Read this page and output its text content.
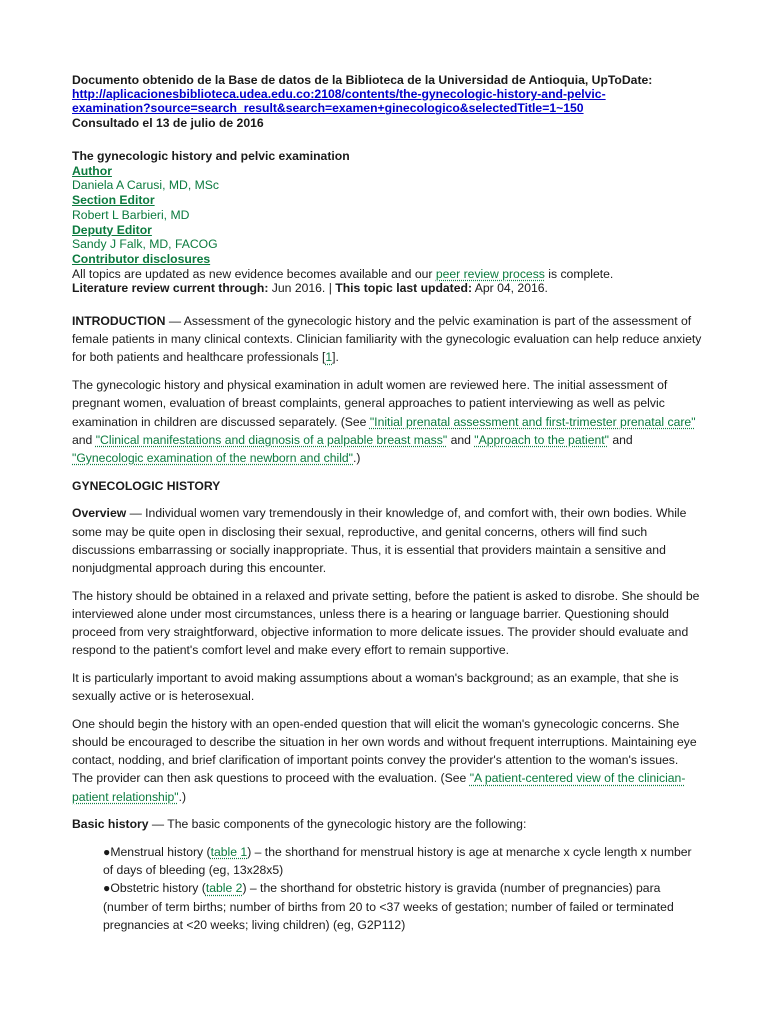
Documento obtenido de la Base de datos de la Biblioteca de la Universidad de Antioquia, UpToDate:
http://aplicacionesbiblioteca.udea.edu.co:2108/contents/the-gynecologic-history-and-pelvic-
examination?source=search_result&search=examen+ginecologico&selectedTitle=1~150
Consultado el 13 de julio de 2016
The gynecologic history and pelvic examination
Author
Daniela A Carusi, MD, MSc
Section Editor
Robert L Barbieri, MD
Deputy Editor
Sandy J Falk, MD, FACOG
Contributor disclosures
All topics are updated as new evidence becomes available and our peer review process is complete.
Literature review current through: Jun 2016. | This topic last updated: Apr 04, 2016.

INTRODUCTION — Assessment of the gynecologic history and the pelvic examination is part of the assessment of female patients in many clinical contexts. Clinician familiarity with the gynecologic evaluation can help reduce anxiety for both patients and healthcare professionals [1].

The gynecologic history and physical examination in adult women are reviewed here. The initial assessment of pregnant women, evaluation of breast complaints, general approaches to patient interviewing as well as pelvic examination in children are discussed separately. (See "Initial prenatal assessment and first-trimester prenatal care" and "Clinical manifestations and diagnosis of a palpable breast mass" and "Approach to the patient" and "Gynecologic examination of the newborn and child".)

GYNECOLOGIC HISTORY

Overview — Individual women vary tremendously in their knowledge of, and comfort with, their own bodies. While some may be quite open in disclosing their sexual, reproductive, and genital concerns, others will find such discussions embarrassing or socially inappropriate. Thus, it is essential that providers maintain a sensitive and nonjudgmental approach during this encounter.

The history should be obtained in a relaxed and private setting, before the patient is asked to disrobe. She should be interviewed alone under most circumstances, unless there is a hearing or language barrier. Questioning should proceed from very straightforward, objective information to more delicate issues. The provider should evaluate and respond to the patient's comfort level and make every effort to remain supportive.

It is particularly important to avoid making assumptions about a woman's background; as an example, that she is sexually active or is heterosexual.

One should begin the history with an open-ended question that will elicit the woman's gynecologic concerns. She should be encouraged to describe the situation in her own words and without frequent interruptions. Maintaining eye contact, nodding, and brief clarification of important points convey the provider's attention to the woman's issues. The provider can then ask questions to proceed with the evaluation. (See "A patient-centered view of the clinician-patient relationship".)

Basic history — The basic components of the gynecologic history are the following:

●Menstrual history (table 1) – the shorthand for menstrual history is age at menarche x cycle length x number of days of bleeding (eg, 13x28x5)

●Obstetric history (table 2) – the shorthand for obstetric history is gravida (number of pregnancies) para (number of term births; number of births from 20 to <37 weeks of gestation; number of failed or terminated pregnancies at <20 weeks; living children) (eg, G2P112)
